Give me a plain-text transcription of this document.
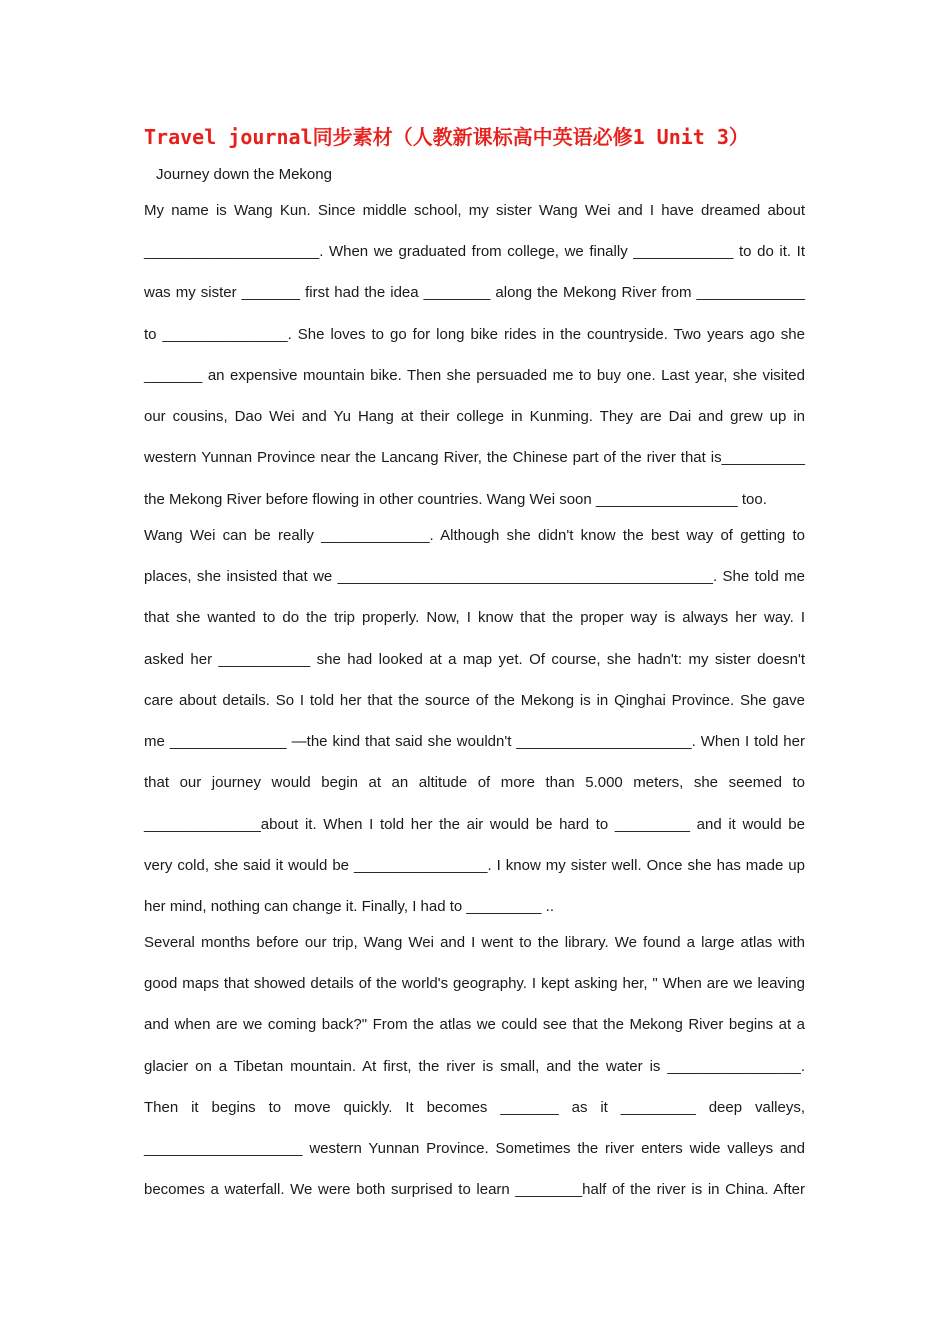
Travel journal同步素材（人教新课标高中英语必修1 Unit 3）
Journey down the Mekong
My name is Wang Kun. Since middle school, my sister Wang Wei and I have dreamed about
_____________________. When we graduated from college, we finally ____________ to do it. It
was my sister _______ first had the idea ________ along the Mekong River from _____________
to _______________. She loves to go for long bike rides in the countryside. Two years ago she
_______ an expensive mountain bike. Then she persuaded me to buy one. Last year, she visited
our cousins, Dao Wei and Yu Hang at their college in Kunming. They are Dai and grew up in
western Yunnan Province near the Lancang River, the Chinese part of the river that is__________
the Mekong River before flowing in other countries. Wang Wei soon _________________ too.
Wang Wei can be really _____________. Although she didn't know the best way of getting to
places, she insisted that we _____________________________________________. She told me
that she wanted to do the trip properly. Now, I know that the proper way is always her way. I
asked her ___________ she had looked at a map yet. Of course, she hadn't: my sister doesn't
care about details. So I told her that the source of the Mekong is in Qinghai Province. She gave
me ______________ —the kind that said she wouldn't _____________________. When I told her
that our journey would begin at an altitude of more than 5.000 meters, she seemed to
______________about it. When I told her the air would be hard to _________ and it would be
very cold, she said it would be ________________. I know my sister well. Once she has made up
her mind, nothing can change it. Finally, I had to _________ ..
Several months before our trip, Wang Wei and I went to the library. We found a large atlas with
good maps that showed details of the world's geography. I kept asking her, " When are we leaving
and when are we coming back?" From the atlas we could see that the Mekong River begins at a
glacier on a Tibetan mountain. At first, the river is small, and the water is ________________.
Then it begins to move quickly. It becomes _______ as it _________ deep valleys,
___________________ western Yunnan Province. Sometimes the river enters wide valleys and
becomes a waterfall. We were both surprised to learn ________half of the river is in China. After
